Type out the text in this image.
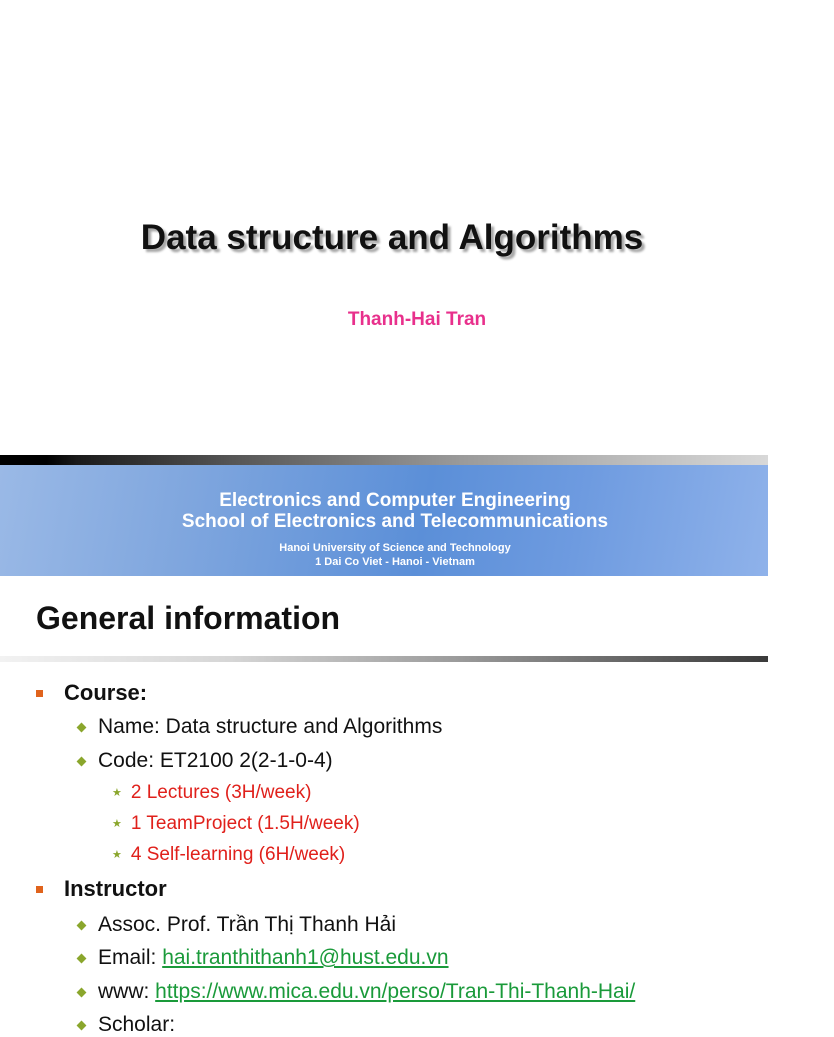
Data structure and Algorithms
Thanh-Hai Tran
Electronics and Computer Engineering
School of Electronics and Telecommunications
Hanoi University of Science and Technology
1 Dai Co Viet - Hanoi - Vietnam
General information
Course:
Name: Data structure and Algorithms
Code: ET2100 2(2-1-0-4)
★ 2 Lectures (3H/week)
★ 1 TeamProject (1.5H/week)
★ 4 Self-learning (6H/week)
Instructor
Assoc. Prof. Trần Thị Thanh Hải
Email: hai.tranthithanh1@hust.edu.vn
www: https://www.mica.edu.vn/perso/Tran-Thi-Thanh-Hai/
Scholar:
